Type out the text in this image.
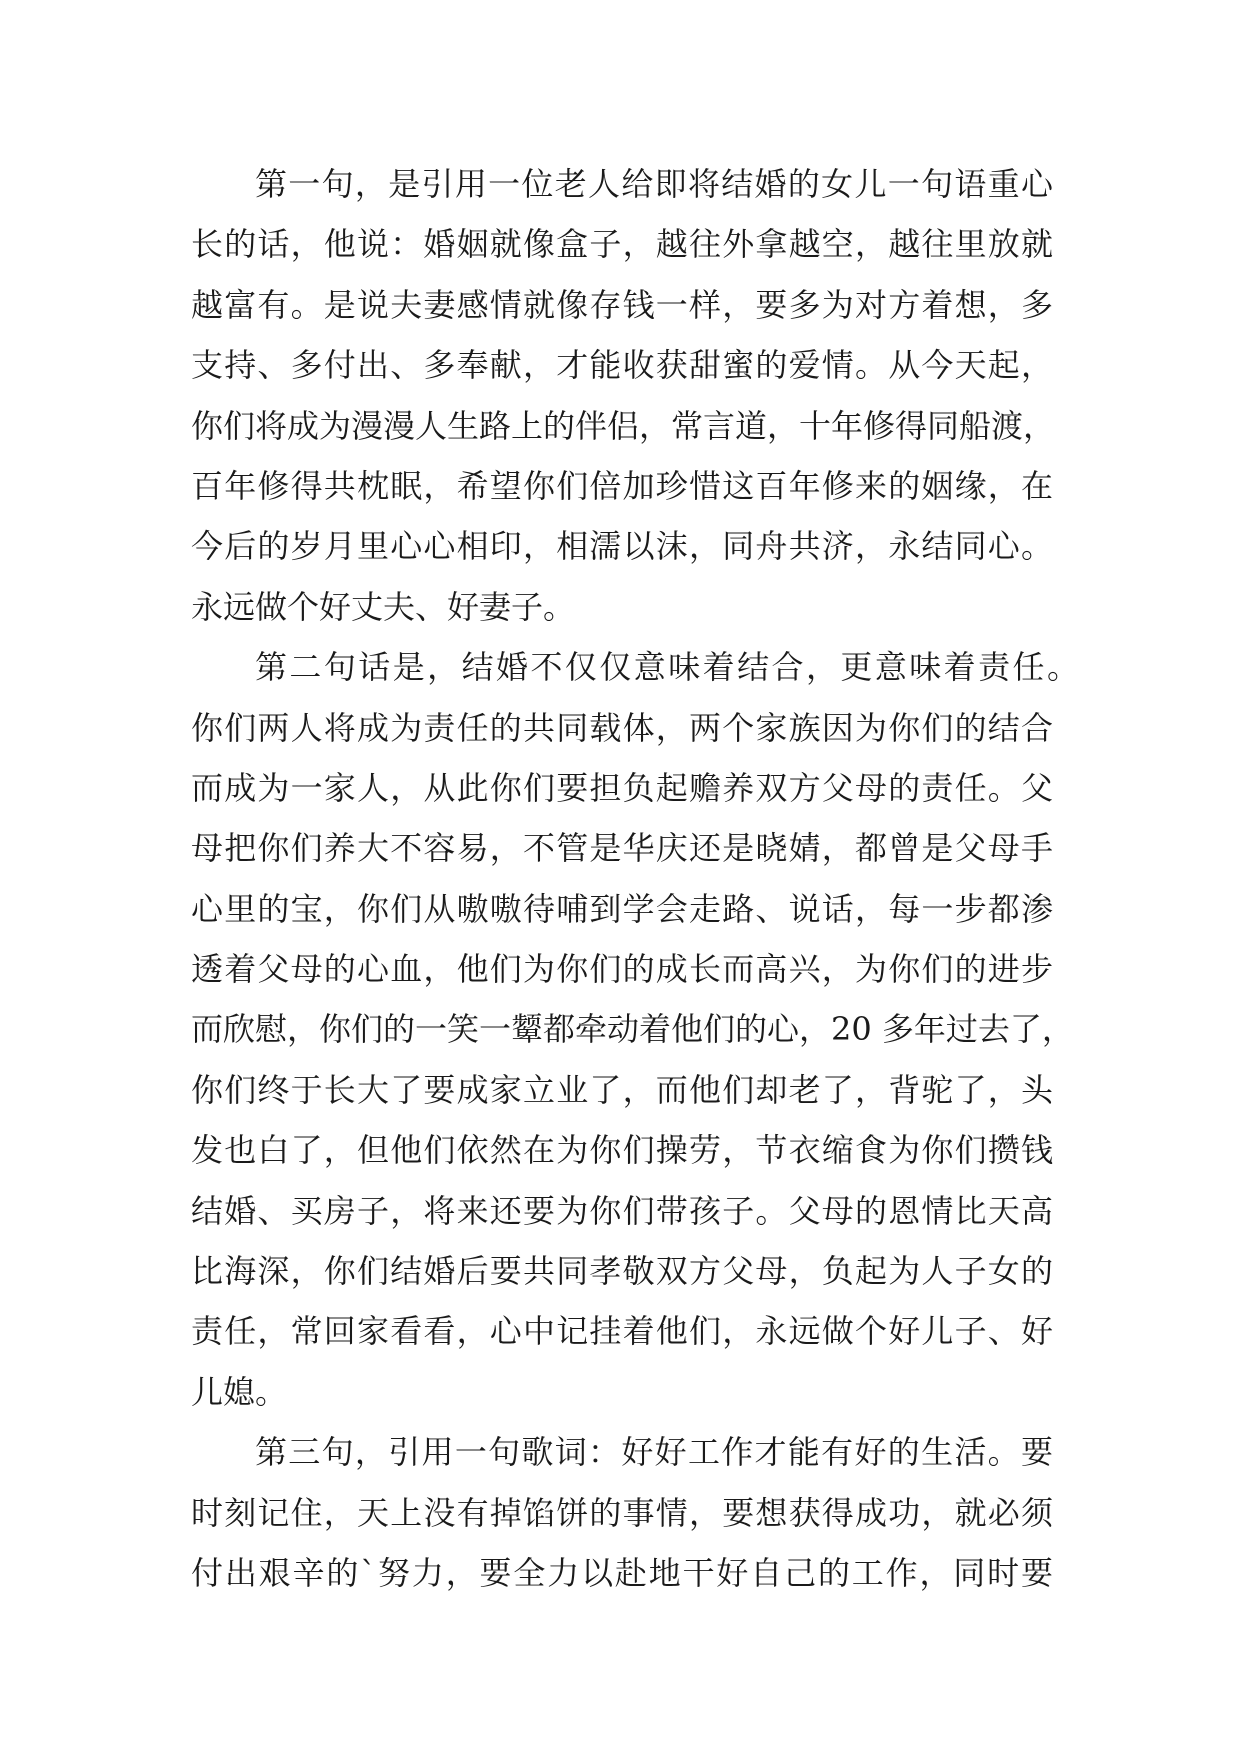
第一句，是引用一位老人给即将结婚的女儿一句语重心
长的话，他说：婚姻就像盒子，越往外拿越空，越往里放就
越富有。是说夫妻感情就像存钱一样，要多为对方着想，多
支持、多付出、多奉献，才能收获甜蜜的爱情。从今天起，
你们将成为漫漫人生路上的伴侣，常言道，十年修得同船渡，
百年修得共枕眠，希望你们倍加珍惜这百年修来的姻缘，在
今后的岁月里心心相印，相濡以沫，同舟共济，永结同心。
永远做个好丈夫、好妻子。
第二句话是，结婚不仅仅意味着结合，更意味着责任。
你们两人将成为责任的共同载体，两个家族因为你们的结合
而成为一家人，从此你们要担负起赡养双方父母的责任。父
母把你们养大不容易，不管是华庆还是晓婧，都曾是父母手
心里的宝，你们从嗷嗷待哺到学会走路、说话，每一步都渗
透着父母的心血，他们为你们的成长而高兴，为你们的进步
而欣慰，你们的一笑一颦都牵动着他们的心，20 多年过去了，
你们终于长大了要成家立业了，而他们却老了，背驼了，头
发也白了，但他们依然在为你们操劳，节衣缩食为你们攒钱
结婚、买房子，将来还要为你们带孩子。父母的恩情比天高
比海深，你们结婚后要共同孝敬双方父母，负起为人子女的
责任，常回家看看，心中记挂着他们，永远做个好儿子、好
儿媳。
第三句，引用一句歌词：好好工作才能有好的生活。要
时刻记住，天上没有掉馅饼的事情，要想获得成功，就必须
付出艰辛的`努力，要全力以赴地干好自己的工作，同时要
